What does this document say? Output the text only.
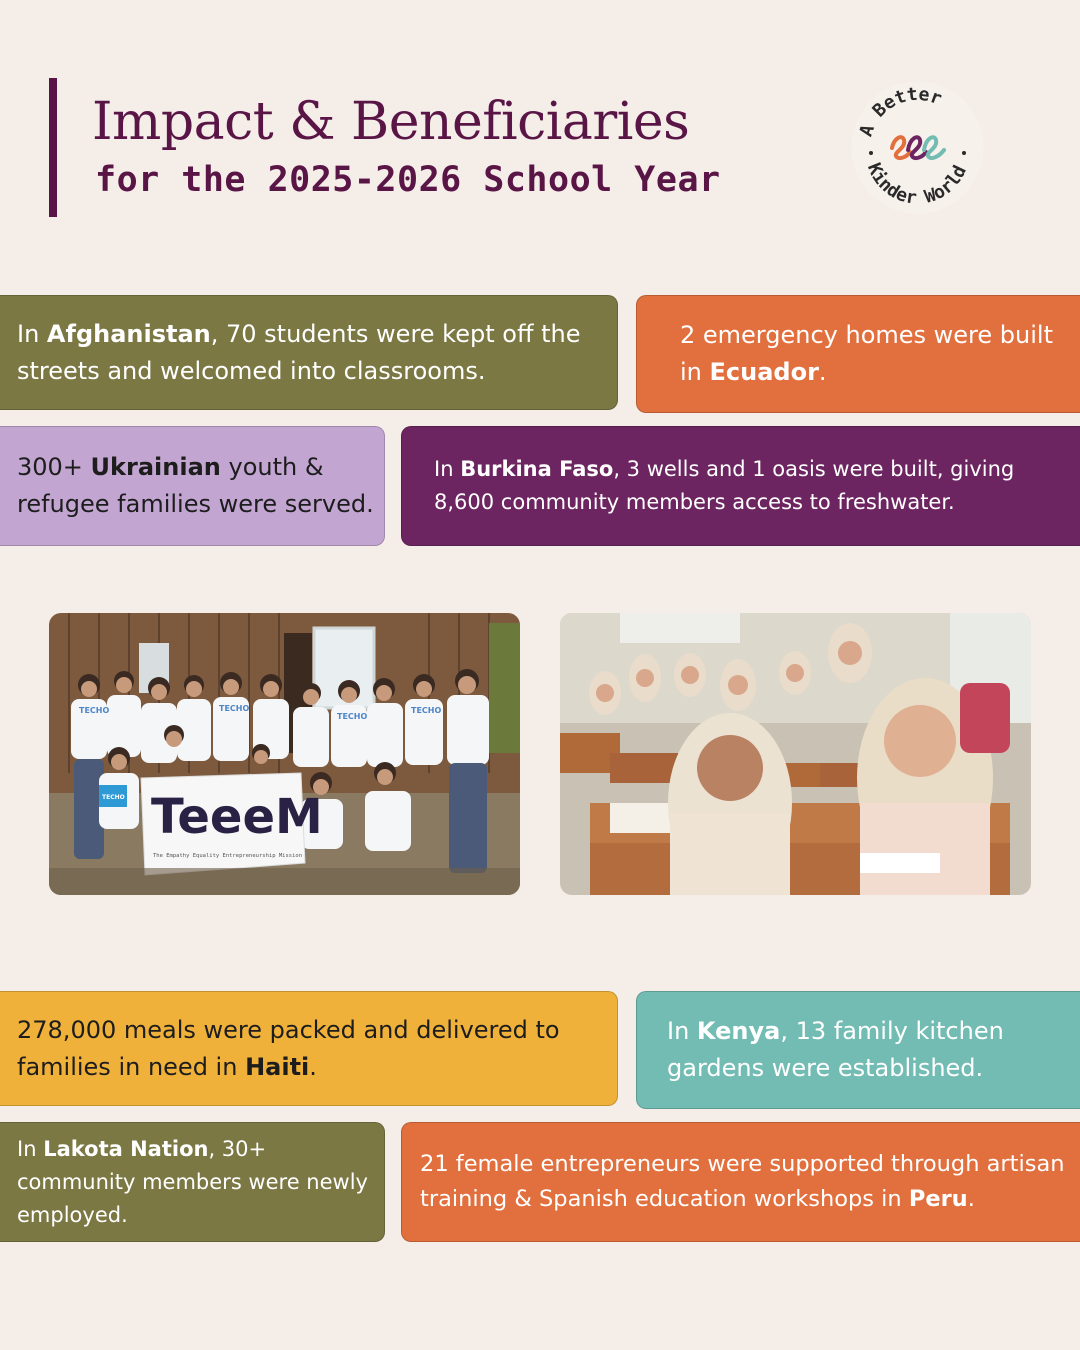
Impact & Beneficiaries
for the 2025-2026 School Year
A Better
Kinder World
In Afghanistan, 70 students were kept off the streets and welcomed into classrooms.
2 emergency homes were built in Ecuador.
300+ Ukrainian youth & refugee families were served.
In Burkina Faso, 3 wells and 1 oasis were built, giving 8,600 community members access to freshwater.
TECHO	TECHO
TECHO
TECHO
TECHO TeeeM
The Empathy Equality Entrepreneurship Mission
278,000 meals were packed and delivered to families in need in Haiti.
In Kenya, 13 family kitchen gardens were established.
In Lakota Nation, 30+ community members were newly employed.
21 female entrepreneurs were supported through artisan training & Spanish education workshops in Peru.
